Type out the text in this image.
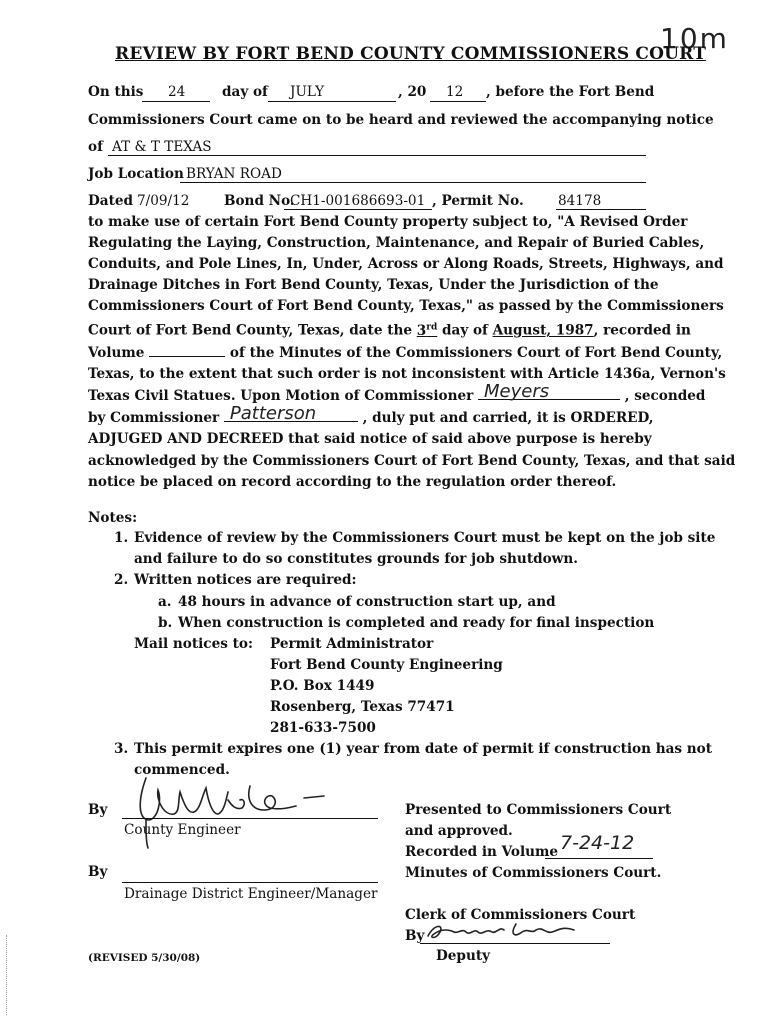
10m
REVIEW BY FORT BEND COUNTY COMMISSIONERS COURT
On this 24	day of JULY	, 20 12 , before the Fort Bend
Commissioners Court came on to be heard and reviewed the accompanying notice
of AT & T TEXAS
Job Location BRYAN ROAD
Dated 7/09/12	Bond No.
CH1-001686693-01 , Permit No.	84178
to make use of certain Fort Bend County property subject to, "A Revised Order
Regulating the Laying, Construction, Maintenance, and Repair of Buried Cables,
Conduits, and Pole Lines, In, Under, Across or Along Roads, Streets, Highways, and
Drainage Ditches in Fort Bend County, Texas, Under the Jurisdiction of the
Commissioners Court of Fort Bend County, Texas," as passed by the Commissioners
Court of Fort Bend County, Texas, date the 3rd day of August, 1987, recorded in
Volume	of the Minutes of the Commissioners Court of Fort Bend County,
Texas, to the extent that such order is not inconsistent with Article 1436a, Vernon's
Texas Civil Statues. Upon Motion of Commissioner Meyers	, seconded
by Commissioner Patterson	, duly put and carried, it is ORDERED,
ADJUGED AND DECREED that said notice of said above purpose is hereby
acknowledged by the Commissioners Court of Fort Bend County, Texas, and that said
notice be placed on record according to the regulation order thereof.
Notes:
1. Evidence of review by the Commissioners Court must be kept on the job site
and failure to do so constitutes grounds for job shutdown.
2. Written notices are required:
a. 48 hours in advance of construction start up, and
b. When construction is completed and ready for final inspection
Mail notices to: Permit Administrator
Fort Bend County Engineering
P.O. Box 1449
Rosenberg, Texas 77471
281-633-7500
3. This permit expires one (1) year from date of permit if construction has not
commenced.
By
County Engineer
By
Drainage District Engineer/Manager
Presented to Commissioners Court
and approved.
Recorded in Volume 7-24-12
Minutes of Commissioners Court.
Clerk of Commissioners Court
By
Deputy
(REVISED 5/30/08)
